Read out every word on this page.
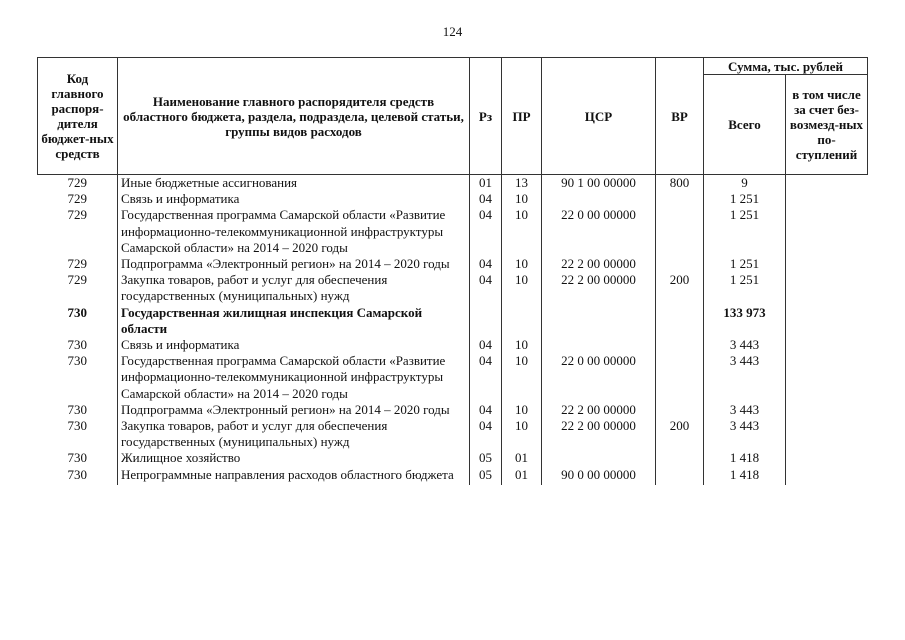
124
Код главного распоря-дителя бюджет-ных средств	Наименование главного распорядителя средств областного бюджета, раздела, подраздела, целевой статьи, группы видов расходов	Рз	ПР	ЦСР	ВР	Сумма, тыс. рублей	
						Всего	в том числе за счет без-возмезд-ных по-ступлений
729	Иные бюджетные ассигнования	01	13	90 1 00 00000	800	9	
729	Связь и информатика	04	10			1 251	
729	Государственная программа Самарской области «Развитие информационно-телекоммуникационной инфраструктуры Самарской области» на 2014 – 2020 годы	04	10	22 0 00 00000		1 251	
729	Подпрограмма «Электронный регион» на 2014 – 2020 годы	04	10	22 2 00 00000		1 251	
729	Закупка товаров, работ и услуг для обеспечения государственных (муниципальных) нужд	04	10	22 2 00 00000	200	1 251	
730	Государственная жилищная инспекция Самарской области					133 973	
730	Связь и информатика	04	10			3 443	
730	Государственная программа Самарской области «Развитие информационно-телекоммуникационной инфраструктуры Самарской области» на 2014 – 2020 годы	04	10	22 0 00 00000		3 443	
730	Подпрограмма «Электронный регион» на 2014 – 2020 годы	04	10	22 2 00 00000		3 443	
730	Закупка товаров, работ и услуг для обеспечения государственных (муниципальных) нужд	04	10	22 2 00 00000	200	3 443	
730	Жилищное хозяйство	05	01			1 418	
730	Непрограммные направления расходов областного бюджета	05	01	90 0 00 00000		1 418	
